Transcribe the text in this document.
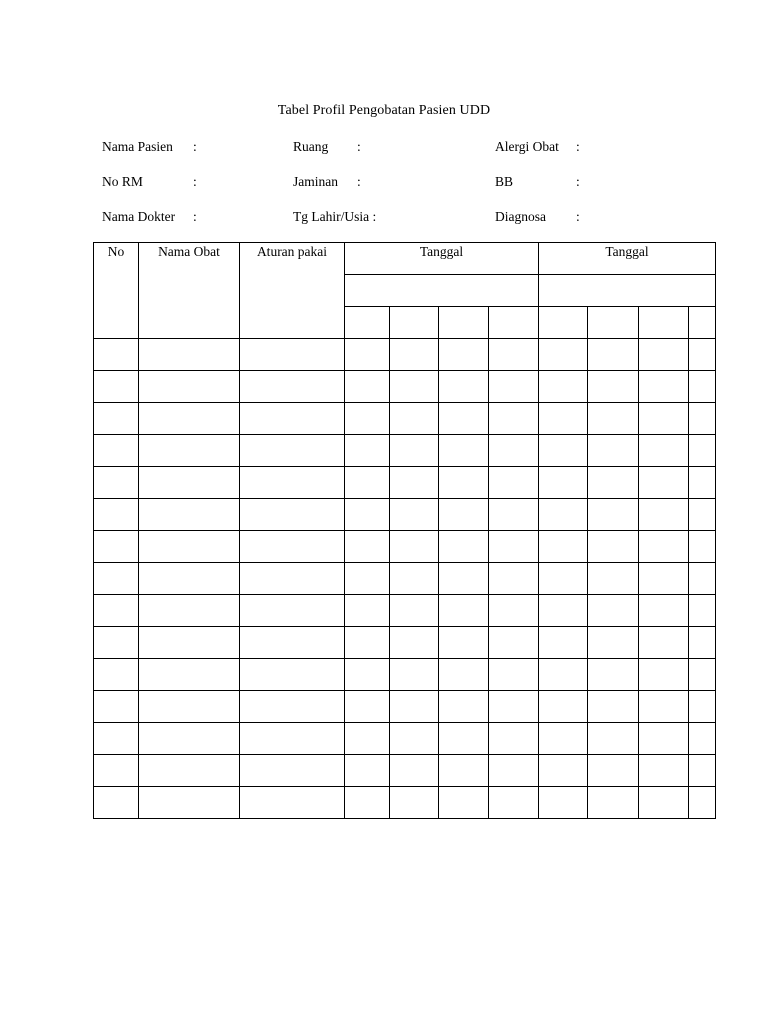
Tabel Profil Pengobatan Pasien UDD
Nama Pasien :	Ruang :	Alergi Obat :
No RM	:	Jaminan :	BB	:
Nama Dokter :	Tg Lahir/Usia :	Diagnosa :
No	Nama Obat	Aturan pakai	Tanggal				Tanggal			
